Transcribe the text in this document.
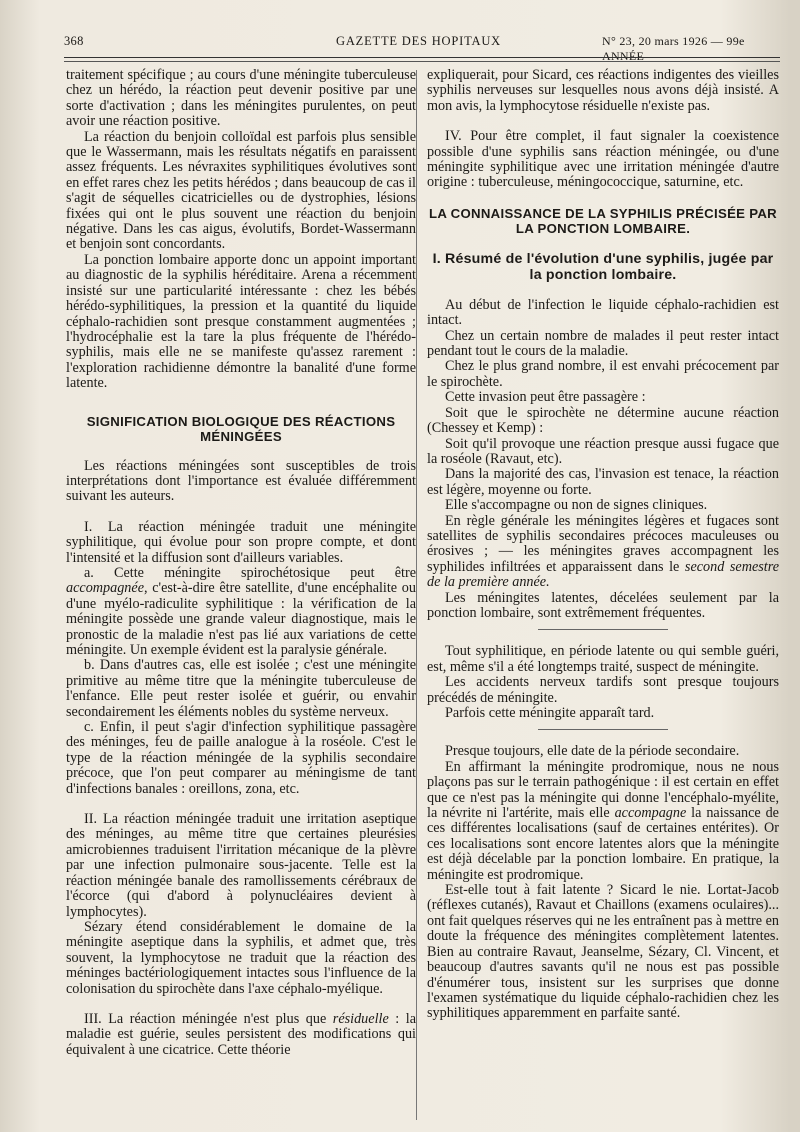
368	GAZETTE DES HOPITAUX	N° 23, 20 mars 1926 — 99e ANNÉE

traitement spécifique ; au cours d'une méningite tuberculeuse chez un hérédo, la réaction peut devenir positive par une sorte d'activation ; dans les méningites purulentes, on peut avoir une réaction positive.

La réaction du benjoin colloïdal est parfois plus sensible que le Wassermann, mais les résultats négatifs en paraissent assez fréquents. Les névraxites syphilitiques évolutives sont en effet rares chez les petits hérédos ; dans beaucoup de cas il s'agit de séquelles cicatricielles ou de dystrophies, lésions fixées qui ont le plus souvent une réaction du benjoin négative. Dans les cas aigus, évolutifs, Bordet-Wassermann et benjoin sont concordants.

La ponction lombaire apporte donc un appoint important au diagnostic de la syphilis héréditaire. Arena a récemment insisté sur une particularité intéressante : chez les bébés hérédo-syphilitiques, la pression et la quantité du liquide céphalo-rachidien sont presque constamment augmentées ; l'hydrocéphalie est la tare la plus fréquente de l'hérédo-syphilis, mais elle ne se manifeste qu'assez rarement : l'exploration rachidienne démontre la banalité d'une forme latente.

SIGNIFICATION BIOLOGIQUE DES RÉACTIONS MÉNINGÉES

Les réactions méningées sont susceptibles de trois interprétations dont l'importance est évaluée différemment suivant les auteurs.

I. La réaction méningée traduit une méningite syphilitique, qui évolue pour son propre compte, et dont l'intensité et la diffusion sont d'ailleurs variables.

a. Cette méningite spirochétosique peut être accompagnée, c'est-à-dire être satellite, d'une encéphalite ou d'une myélo-radiculite syphilitique : la vérification de la méningite possède une grande valeur diagnostique, mais le pronostic de la maladie n'est pas lié aux variations de cette méningite. Un exemple évident est la paralysie générale.

b. Dans d'autres cas, elle est isolée ; c'est une méningite primitive au même titre que la méningite tuberculeuse de l'enfance. Elle peut rester isolée et guérir, ou envahir secondairement les éléments nobles du système nerveux.

c. Enfin, il peut s'agir d'infection syphilitique passagère des méninges, feu de paille analogue à la roséole. C'est le type de la réaction méningée de la syphilis secondaire précoce, que l'on peut comparer au méningisme de tant d'infections banales : oreillons, zona, etc.

II. La réaction méningée traduit une irritation aseptique des méninges, au même titre que certaines pleurésies amicrobiennes traduisent l'irritation mécanique de la plèvre par une infection pulmonaire sous-jacente. Telle est la réaction méningée banale des ramollissements cérébraux de l'écorce (qui d'abord à polynucléaires devient à lymphocytes).

Sézary étend considérablement le domaine de la méningite aseptique dans la syphilis, et admet que, très souvent, la lymphocytose ne traduit que la réaction des méninges bactériologiquement intactes sous l'influence de la colonisation du spirochète dans l'axe céphalo-myélique.

III. La réaction méningée n'est plus que résiduelle : la maladie est guérie, seules persistent des modifications qui équivalent à une cicatrice. Cette théorie

expliquerait, pour Sicard, ces réactions indigentes des vieilles syphilis nerveuses sur lesquelles nous avons déjà insisté. A mon avis, la lymphocytose résiduelle n'existe pas.

IV. Pour être complet, il faut signaler la coexistence possible d'une syphilis sans réaction méningée, ou d'une méningite syphilitique avec une irritation méningée d'autre origine : tuberculeuse, méningococcique, saturnine, etc.

LA CONNAISSANCE DE LA SYPHILIS PRÉCISÉE PAR LA PONCTION LOMBAIRE.
I. Résumé de l'évolution d'une syphilis, jugée par la ponction lombaire.

Au début de l'infection le liquide céphalo-rachidien est intact.

Chez un certain nombre de malades il peut rester intact pendant tout le cours de la maladie.

Chez le plus grand nombre, il est envahi précocement par le spirochète.

Cette invasion peut être passagère :

Soit que le spirochète ne détermine aucune réaction (Chessey et Kemp) :

Soit qu'il provoque une réaction presque aussi fugace que la roséole (Ravaut, etc).

Dans la majorité des cas, l'invasion est tenace, la réaction est légère, moyenne ou forte.

Elle s'accompagne ou non de signes cliniques.

En règle générale les méningites légères et fugaces sont satellites de syphilis secondaires précoces maculeuses ou érosives ; — les méningites graves accompagnent les syphilides infiltrées et apparaissent dans le second semestre de la première année.

Les méningites latentes, décelées seulement par la ponction lombaire, sont extrêmement fréquentes.

Tout syphilitique, en période latente ou qui semble guéri, est, même s'il a été longtemps traité, suspect de méningite.

Les accidents nerveux tardifs sont presque toujours précédés de méningite.

Parfois cette méningite apparaît tard.

Presque toujours, elle date de la période secondaire.

En affirmant la méningite prodromique, nous ne nous plaçons pas sur le terrain pathogénique : il est certain en effet que ce n'est pas la méningite qui donne l'encéphalo-myélite, la névrite ni l'artérite, mais elle accompagne la naissance de ces différentes localisations (sauf de certaines entérites). Or ces localisations sont encore latentes alors que la méningite est déjà décelable par la ponction lombaire. En pratique, la méningite est prodromique.

Est-elle tout à fait latente ? Sicard le nie. Lortat-Jacob (réflexes cutanés), Ravaut et Chaillons (examens oculaires)... ont fait quelques réserves qui ne les entraînent pas à mettre en doute la fréquence des méningites complètement latentes. Bien au contraire Ravaut, Jeanselme, Sézary, Cl. Vincent, et beaucoup d'autres savants qu'il ne nous est pas possible d'énumérer tous, insistent sur les surprises que donne l'examen systématique du liquide céphalo-rachidien chez les syphilitiques apparemment en parfaite santé.
